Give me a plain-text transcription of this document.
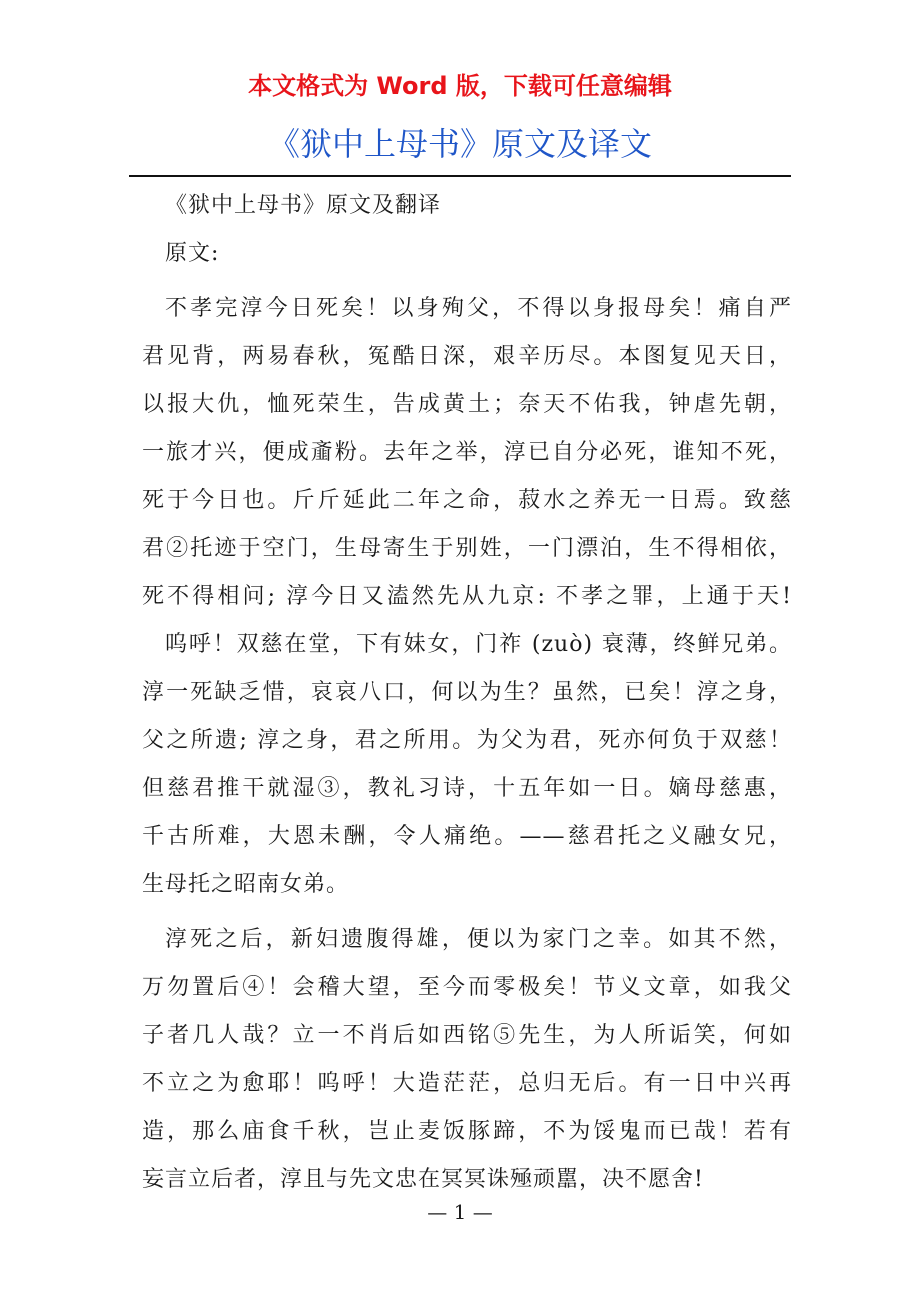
本文格式为 Word 版，下载可任意编辑
《狱中上母书》原文及译文
《狱中上母书》原文及翻译
原文:
不孝完淳今日死矣！以身殉父，不得以身报母矣！痛自严
君见背，两易春秋，冤酷日深，艰辛历尽。本图复见天日，
以报大仇，恤死荣生，告成黄土；奈天不佑我，钟虐先朝，
一旅才兴，便成齑粉。去年之举，淳已自分必死，谁知不死，
死于今日也。斤斤延此二年之命，菽水之养无一日焉。致慈
君②托迹于空门，生母寄生于别姓，一门漂泊，生不得相依，
死不得相问; 淳今日又溘然先从九京: 不孝之罪，上通于天!
呜呼！双慈在堂，下有妹女，门祚 (zuò) 衰薄，终鲜兄弟。
淳一死缺乏惜，哀哀八口，何以为生？虽然，已矣！淳之身，
父之所遗; 淳之身，君之所用。为父为君，死亦何负于双慈！
但慈君推干就湿③，教礼习诗，十五年如一日。嫡母慈惠，
千古所难，大恩未酬，令人痛绝。——慈君托之义融女兄，
生母托之昭南女弟。
淳死之后，新妇遗腹得雄，便以为家门之幸。如其不然，
万勿置后④！会稽大望，至今而零极矣！节义文章，如我父
子者几人哉？立一不肖后如西铭⑤先生，为人所诟笑，何如
不立之为愈耶！呜呼！大造茫茫，总归无后。有一日中兴再
造，那么庙食千秋，岂止麦饭豚蹄，不为馁鬼而已哉！若有
妄言立后者，淳且与先文忠在冥冥诛殛顽嚚，决不愿舍!
— 1 —
